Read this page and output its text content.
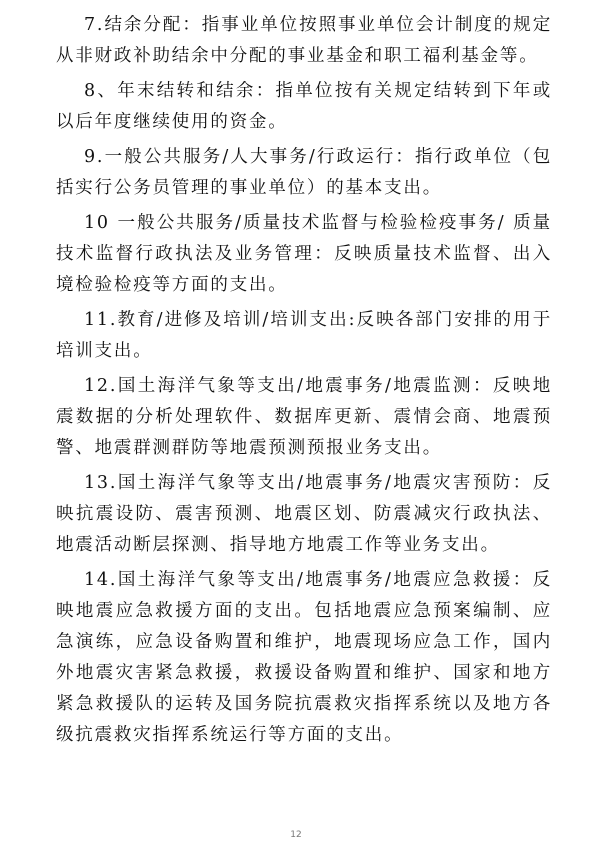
7.结余分配：指事业单位按照事业单位会计制度的规定从非财政补助结余中分配的事业基金和职工福利基金等。

8、年末结转和结余：指单位按有关规定结转到下年或以后年度继续使用的资金。

9.一般公共服务/人大事务/行政运行：指行政单位（包括实行公务员管理的事业单位）的基本支出。

10 一般公共服务/质量技术监督与检验检疫事务/ 质量技术监督行政执法及业务管理：反映质量技术监督、出入境检验检疫等方面的支出。

11.教育/进修及培训/培训支出:反映各部门安排的用于培训支出。

12.国土海洋气象等支出/地震事务/地震监测：反映地震数据的分析处理软件、数据库更新、震情会商、地震预警、地震群测群防等地震预测预报业务支出。

13.国土海洋气象等支出/地震事务/地震灾害预防：反映抗震设防、震害预测、地震区划、防震减灾行政执法、地震活动断层探测、指导地方地震工作等业务支出。

14.国土海洋气象等支出/地震事务/地震应急救援：反映地震应急救援方面的支出。包括地震应急预案编制、应急演练，应急设备购置和维护，地震现场应急工作，国内外地震灾害紧急救援，救援设备购置和维护、国家和地方紧急救援队的运转及国务院抗震救灾指挥系统以及地方各级抗震救灾指挥系统运行等方面的支出。

12
